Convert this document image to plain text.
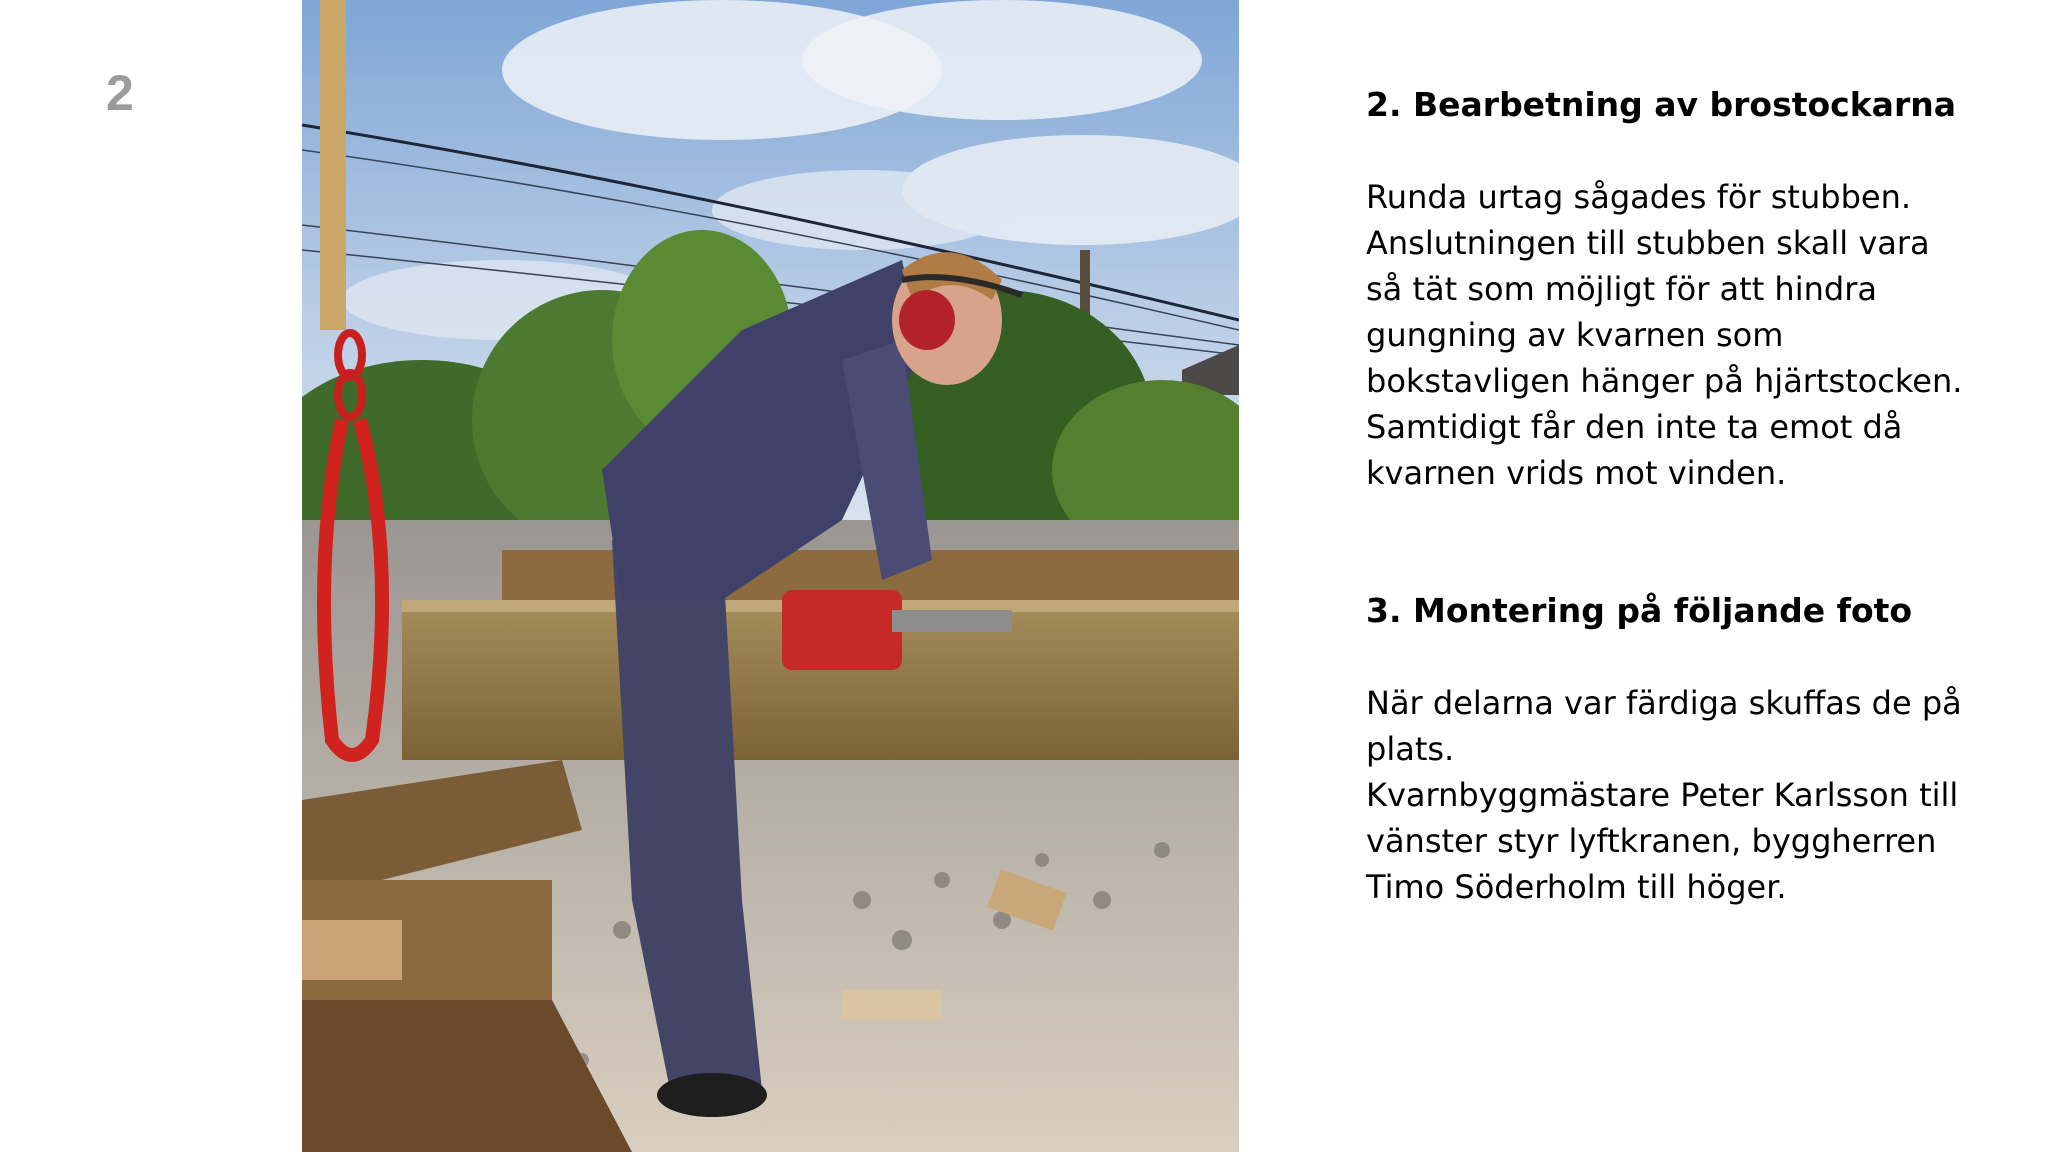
2	2. Bearbetning av brostockarna

Runda urtag sågades för stubben.
Anslutningen till stubben skall vara
så tät som möjligt för att hindra
gungning av kvarnen som
bokstavligen hänger på hjärtstocken.
Samtidigt får den inte ta emot då
kvarnen vrids mot vinden.

3. Montering på följande foto

När delarna var färdiga skuffas de på
plats.
Kvarnbyggmästare Peter Karlsson till
vänster styr lyftkranen, byggherren
Timo Söderholm till höger.
